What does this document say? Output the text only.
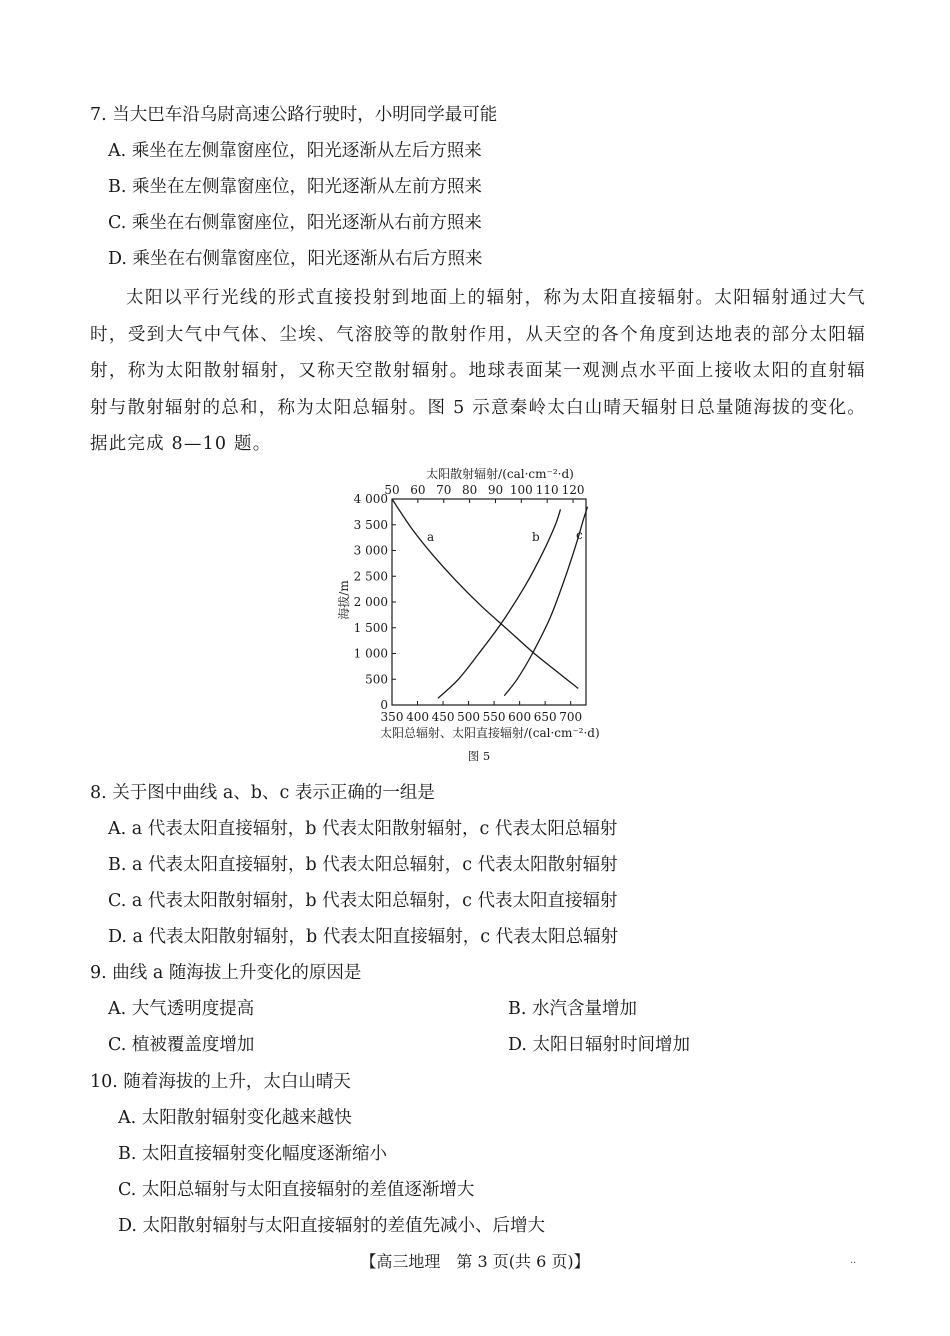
7. 当大巴车沿乌尉高速公路行驶时，小明同学最可能
A. 乘坐在左侧靠窗座位，阳光逐渐从左后方照来
B. 乘坐在左侧靠窗座位，阳光逐渐从左前方照来
C. 乘坐在右侧靠窗座位，阳光逐渐从右前方照来
D. 乘坐在右侧靠窗座位，阳光逐渐从右后方照来
太阳以平行光线的形式直接投射到地面上的辐射，称为太阳直接辐射。太阳辐射通过大气时，受到大气中气体、尘埃、气溶胶等的散射作用，从天空的各个角度到达地表的部分太阳辐射，称为太阳散射辐射，又称天空散射辐射。地球表面某一观测点水平面上接收太阳的直射辐射与散射辐射的总和，称为太阳总辐射。图 5 示意秦岭太白山晴天辐射日总量随海拔的变化。据此完成 8—10 题。
太阳散射辐射/(cal·cm⁻²·d)
50 60 70 80 90 100 110 120
0
500
1 000
1 500
2 000
2 500
3 000
3 500
4 000
350 400 450 500 550 600 650 700
海拔/m
太阳总辐射、太阳直接辐射/(cal·cm⁻²·d)
图 5
a	b	c
8. 关于图中曲线 a、b、c 表示正确的一组是
A. a 代表太阳直接辐射，b 代表太阳散射辐射，c 代表太阳总辐射
B. a 代表太阳直接辐射，b 代表太阳总辐射，c 代表太阳散射辐射
C. a 代表太阳散射辐射，b 代表太阳总辐射，c 代表太阳直接辐射
D. a 代表太阳散射辐射，b 代表太阳直接辐射，c 代表太阳总辐射
9. 曲线 a 随海拔上升变化的原因是
A. 大气透明度提高	B. 水汽含量增加
C. 植被覆盖度增加	D. 太阳日辐射时间增加
10. 随着海拔的上升，太白山晴天
A. 太阳散射辐射变化越来越快
B. 太阳直接辐射变化幅度逐渐缩小
C. 太阳总辐射与太阳直接辐射的差值逐渐增大
D. 太阳散射辐射与太阳直接辐射的差值先减小、后增大
【高三地理　第 3 页(共 6 页)】	··
